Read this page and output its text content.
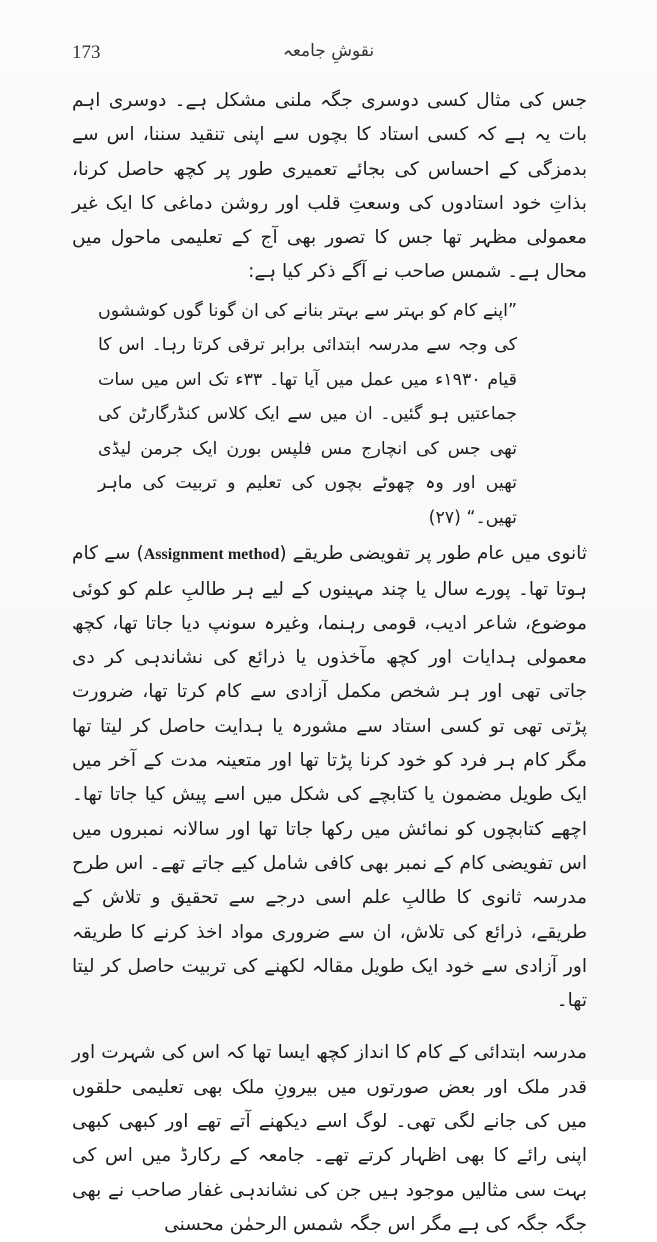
173	نقوشِ جامعہ

جس کی مثال کسی دوسری جگہ ملنی مشکل ہے۔ دوسری اہم بات یہ ہے کہ کسی استاد کا بچوں سے اپنی تنقید سننا، اس سے بدمزگی کے احساس کی بجائے تعمیری طور پر کچھ حاصل کرنا، بذاتِ خود استادوں کی وسعتِ قلب اور روشن دماغی کا ایک غیر معمولی مظہر تھا جس کا تصور بھی آج کے تعلیمی ماحول میں محال ہے۔ شمس صاحب نے آگے ذکر کیا ہے:

”اپنے کام کو بہتر سے بہتر بنانے کی ان گونا گوں کوششوں کی وجہ سے مدرسہ ابتدائی برابر ترقی کرتا رہا۔ اس کا قیام ۱۹۳۰ء میں عمل میں آیا تھا۔ ۳۳ء تک اس میں سات جماعتیں ہو گئیں۔ ان میں سے ایک کلاس کنڈرگارٹن کی تھی جس کی انچارج مس فلپس بورن ایک جرمن لیڈی تھیں اور وہ چھوٹے بچوں کی تعلیم و تربیت کی ماہر تھیں۔“ (۲۷)

ثانوی میں عام طور پر تفویضی طریقے (Assignment method) سے کام ہوتا تھا۔ پورے سال یا چند مہینوں کے لیے ہر طالبِ علم کو کوئی موضوع، شاعر ادیب، قومی رہنما، وغیرہ سونپ دیا جاتا تھا، کچھ معمولی ہدایات اور کچھ مآخذوں یا ذرائع کی نشاندہی کر دی جاتی تھی اور ہر شخص مکمل آزادی سے کام کرتا تھا، ضرورت پڑتی تھی تو کسی استاد سے مشورہ یا ہدایت حاصل کر لیتا تھا مگر کام ہر فرد کو خود کرنا پڑتا تھا اور متعینہ مدت کے آخر میں ایک طویل مضمون یا کتابچے کی شکل میں اسے پیش کیا جاتا تھا۔ اچھے کتابچوں کو نمائش میں رکھا جاتا تھا اور سالانہ نمبروں میں اس تفویضی کام کے نمبر بھی کافی شامل کیے جاتے تھے۔ اس طرح مدرسہ ثانوی کا طالبِ علم اسی درجے سے تحقیق و تلاش کے طریقے، ذرائع کی تلاش، ان سے ضروری مواد اخذ کرنے کا طریقہ اور آزادی سے خود ایک طویل مقالہ لکھنے کی تربیت حاصل کر لیتا تھا۔

مدرسہ ابتدائی کے کام کا انداز کچھ ایسا تھا کہ اس کی شہرت اور قدر ملک اور بعض صورتوں میں بیرونِ ملک بھی تعلیمی حلقوں میں کی جانے لگی تھی۔ لوگ اسے دیکھنے آتے تھے اور کبھی کبھی اپنی رائے کا بھی اظہار کرتے تھے۔ جامعہ کے رکارڈ میں اس کی بہت سی مثالیں موجود ہیں جن کی نشاندہی غفار صاحب نے بھی جگہ جگہ کی ہے مگر اس جگہ شمس الرحمٰن محسنی
